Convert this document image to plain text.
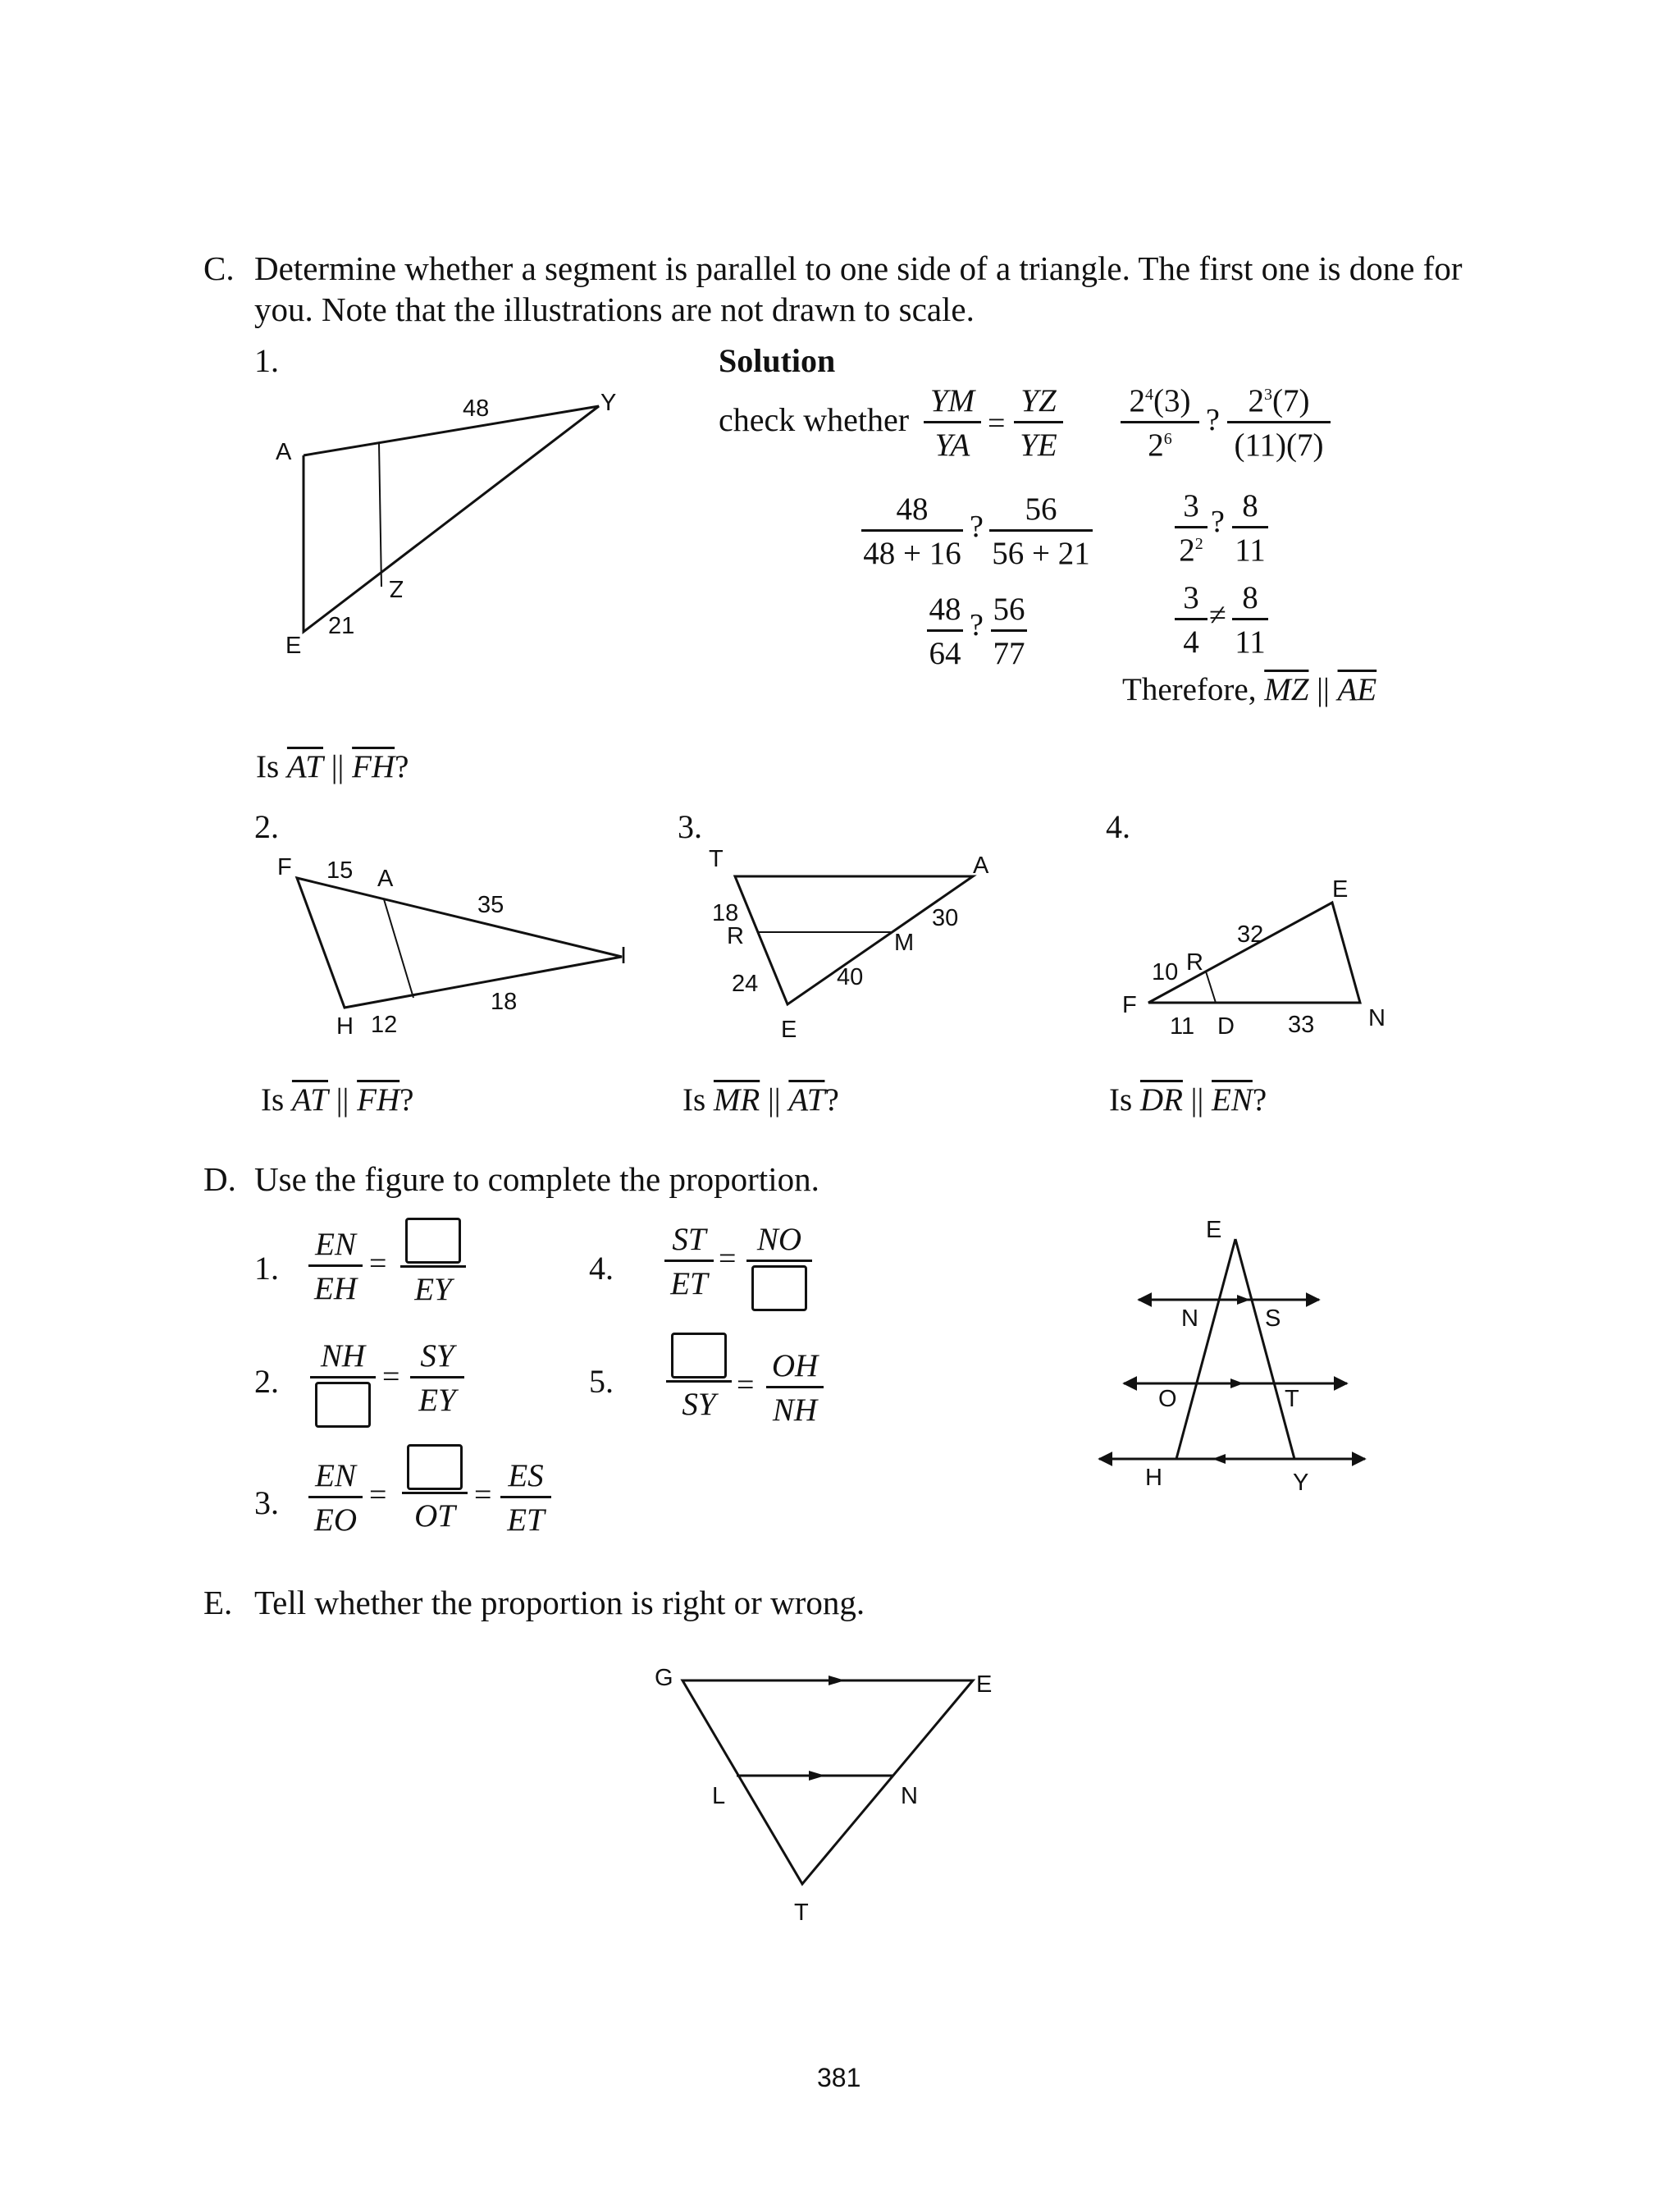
C. Determine whether a segment is parallel to one side of a triangle. The first one is done for
you. Note that the illustrations are not drawn to scale.
1.	Solution
A
Y
E
Z
48
21
check whether
YM
YA
=
YZ
YE
$2^4(3)$
$2^6$
?
$2^3(7)$
(11)(7)
48
48 + 16
?	56
56 + 21
48
64
? 56
77
3
$2^2$
? 8
11
3
4
≠ 8
11
Therefore, $\overline{MZ}$ || $\overline{AE}$
Is $\overline{AT}$ || $\overline{FH}$?
2.	3.	4.
F	A
I
H
15
35
12
18
T	A
R	M
E
18
24
30
40
F
R
E
D	N
10
32
11	33
Is $\overline{AT}$ || $\overline{FH}$?	Is $\overline{MR}$ || $\overline{AT}$?	Is $\overline{DR}$ || $\overline{EN}$?
D. Use the figure to complete the proportion.
1.
EN
EH
=
EY
2.
NH
=
SY
EY
3.
EN
EO
=
OT
=
ES
ET
4.
ST
ET
=
NO
5.
SY
=
OH
NH
E
N	S
O	T
H	Y
E. Tell whether the proportion is right or wrong.
G	E
L	N
T
381
